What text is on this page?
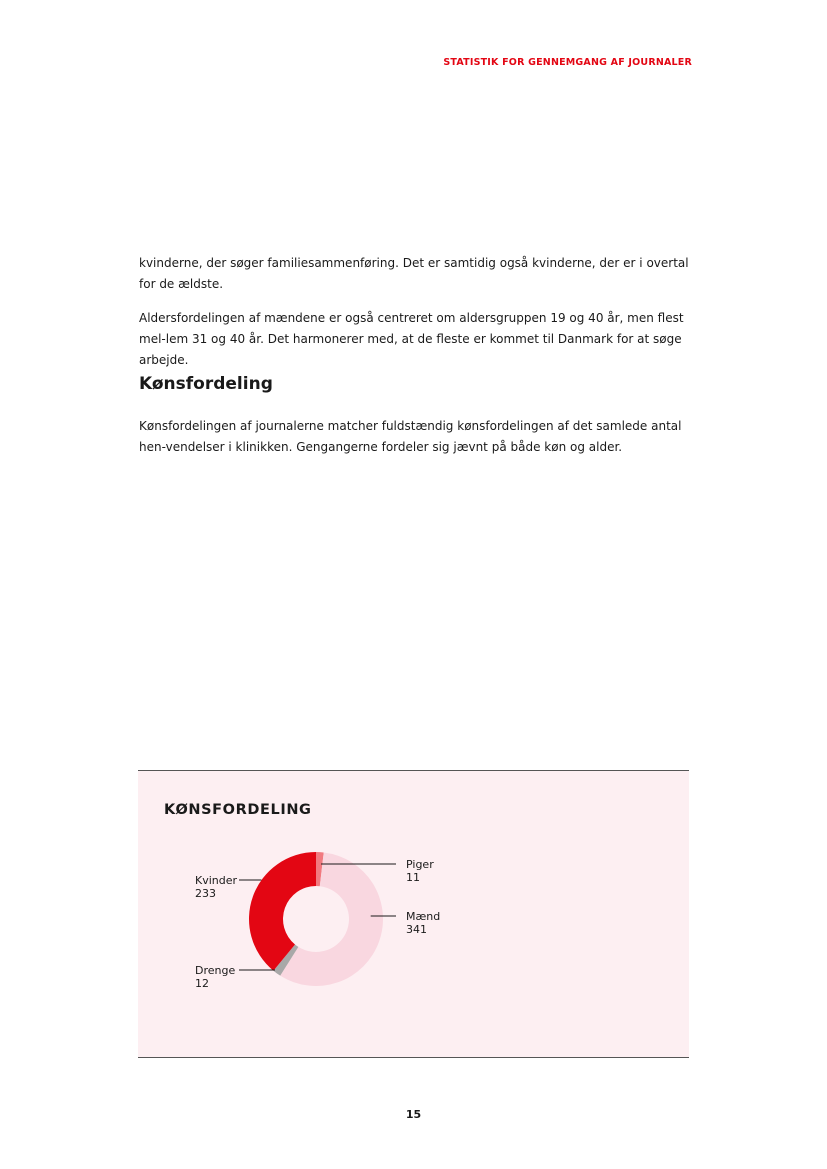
STATISTIK FOR GENNEMGANG AF JOURNALER

kvinderne, der søger familiesammenføring. Det er samtidig også kvinderne, der er i overtal for de ældste.

Aldersfordelingen af mændene er også centreret om aldersgruppen 19 og 40 år, men flest mel-lem 31 og 40 år. Det harmonerer med, at de fleste er kommet til Danmark for at søge arbejde.

Kønsfordeling

Kønsfordelingen af journalerne matcher fuldstændig kønsfordelingen af det samlede antal hen-vendelser i klinikken. Gengangerne fordeler sig jævnt på både køn og alder.

KØNSFORDELING
Piger
11
Mænd
341
Drenge
12
Kvinder
233
15
